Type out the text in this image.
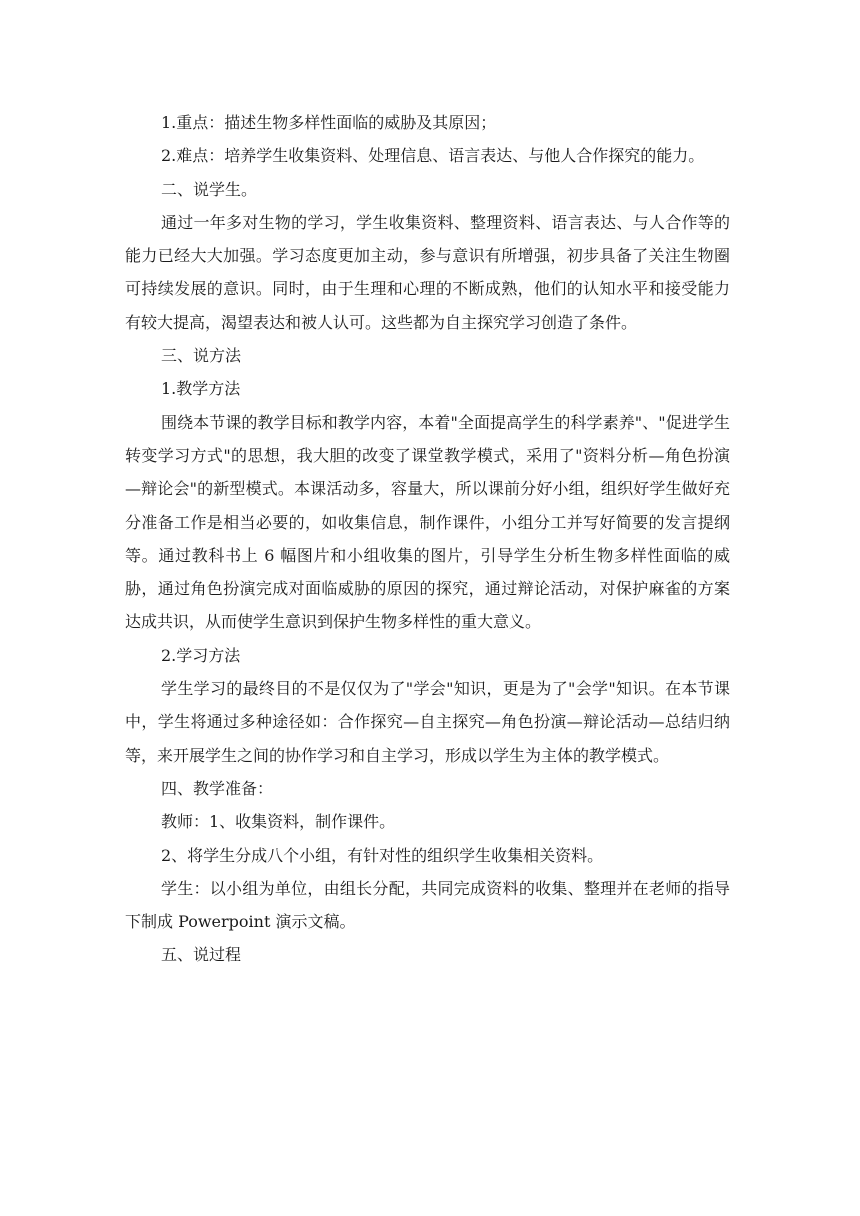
1.重点：描述生物多样性面临的威胁及其原因；

2.难点：培养学生收集资料、处理信息、语言表达、与他人合作探究的能力。

二、说学生。

通过一年多对生物的学习，学生收集资料、整理资料、语言表达、与人合作等的能力已经大大加强。学习态度更加主动，参与意识有所增强，初步具备了关注生物圈可持续发展的意识。同时，由于生理和心理的不断成熟，他们的认知水平和接受能力有较大提高，渴望表达和被人认可。这些都为自主探究学习创造了条件。

三、说方法

1.教学方法

围绕本节课的教学目标和教学内容，本着"全面提高学生的科学素养"、"促进学生转变学习方式"的思想，我大胆的改变了课堂教学模式，采用了"资料分析—角色扮演—辩论会"的新型模式。本课活动多，容量大，所以课前分好小组，组织好学生做好充分准备工作是相当必要的，如收集信息，制作课件，小组分工并写好简要的发言提纲等。通过教科书上 6 幅图片和小组收集的图片，引导学生分析生物多样性面临的威胁，通过角色扮演完成对面临威胁的原因的探究，通过辩论活动，对保护麻雀的方案达成共识，从而使学生意识到保护生物多样性的重大意义。

2.学习方法

学生学习的最终目的不是仅仅为了"学会"知识，更是为了"会学"知识。在本节课中，学生将通过多种途径如：合作探究—自主探究—角色扮演—辩论活动—总结归纳等，来开展学生之间的协作学习和自主学习，形成以学生为主体的教学模式。

四、教学准备：

教师：1、收集资料，制作课件。

2、将学生分成八个小组，有针对性的组织学生收集相关资料。

学生：以小组为单位，由组长分配，共同完成资料的收集、整理并在老师的指导下制成 Powerpoint 演示文稿。

五、说过程
